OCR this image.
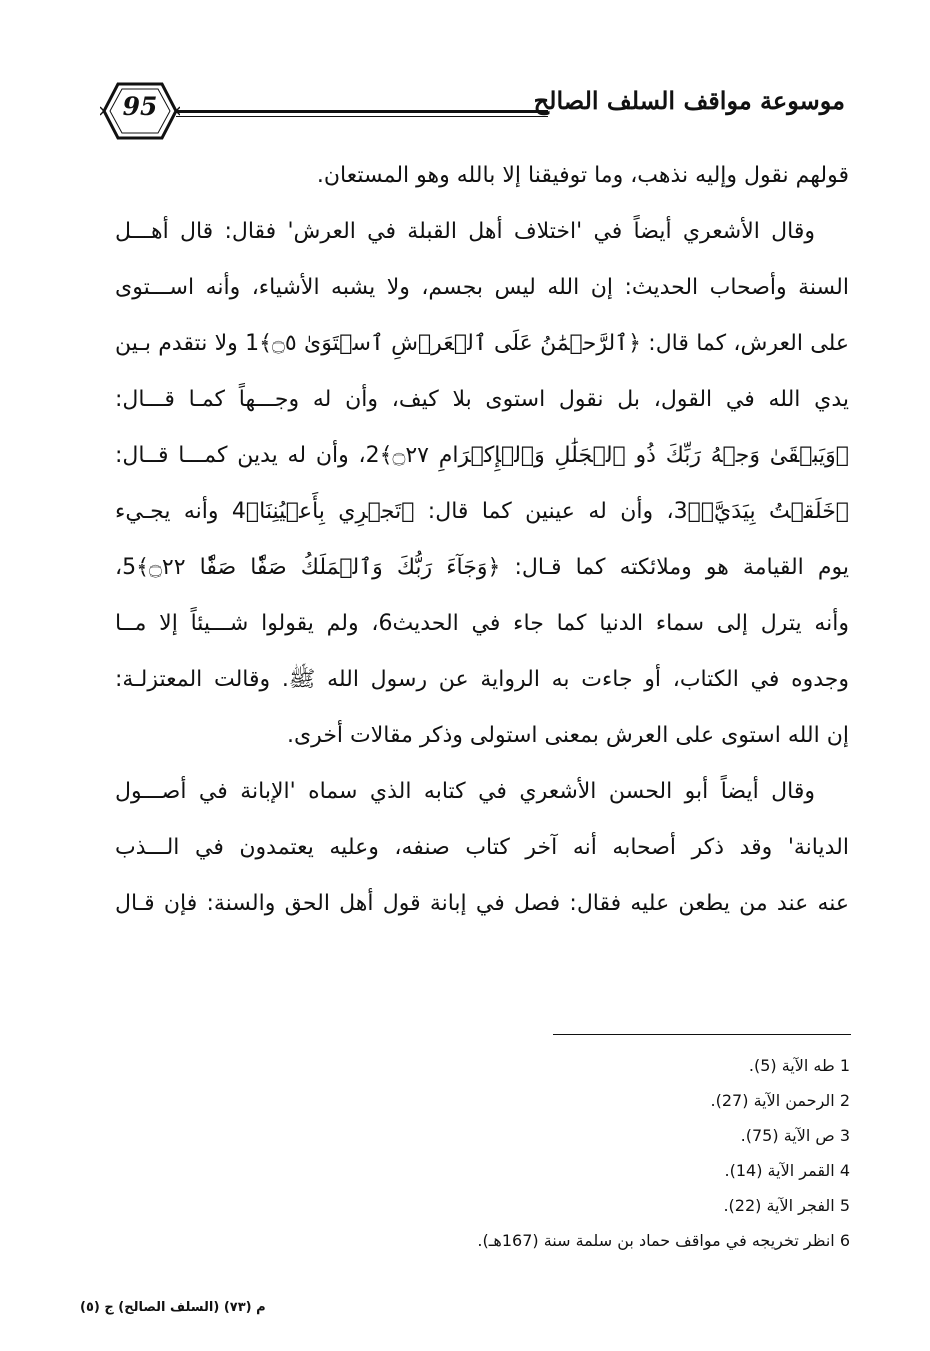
95	موسوعة مواقف السلف الصالح
قولهم نقول وإليه نذهب، وما توفيقنا إلا بالله وهو المستعان.
وقال الأشعري أيضاً في 'اختلاف أهل القبلة في العرش' فقال: قال أهـــل
السنة وأصحاب الحديث: إن الله ليس بجسم، ولا يشبه الأشياء، وأنه اســـتوى
على العرش، كما قال: ﴿ٱلرَّحۡمَٰنُ عَلَى ٱلۡعَرۡشِ ٱسۡتَوَىٰ ۝٥﴾1 ولا نتقدم بـين
يدي الله في القول، بل نقول استوى بلا كيف، وأن له وجـــهاً كمـا قـــال:
﴿وَيَبۡقَىٰ وَجۡهُ رَبِّكَ ذُو ٱلۡجَلَٰلِ وَٱلۡإِكۡرَامِ ۝٢٧﴾2، وأن له يدين كمـــا قــال:
﴿خَلَقۡتُ بِيَدَيَّۖ﴾3، وأن له عينين كما قال: ﴿تَجۡرِي بِأَعۡيُنِنَا﴾4 وأنه يجـيء
يوم القيامة هو وملائكته كما قـال: ﴿وَجَآءَ رَبُّكَ وَٱلۡمَلَكُ صَفّٗا صَفّٗا ۝٢٢﴾5،
وأنه يترل إلى سماء الدنيا كما جاء في الحديث6، ولم يقولوا شـــيئاً إلا مــا
وجدوه في الكتاب، أو جاءت به الرواية عن رسول الله ﷺ. وقالت المعتزلـة:
إن الله استوى على العرش بمعنى استولى وذكر مقالات أخرى.
وقال أيضاً أبو الحسن الأشعري في كتابه الذي سماه 'الإبانة في أصـــول
الديانة' وقد ذكر أصحابه أنه آخر كتاب صنفه، وعليه يعتمدون في الـــذب
عنه عند من يطعن عليه فقال: فصل في إبانة قول أهل الحق والسنة: فإن قـال
1 طه الآية (5).
2 الرحمن الآية (27).
3 ص الآية (75).
4 القمر الآية (14).
5 الفجر الآية (22).
6 انظر تخريجه في مواقف حماد بن سلمة سنة (167هـ).
م (٧٣) (السلف الصالح) ج (٥)
